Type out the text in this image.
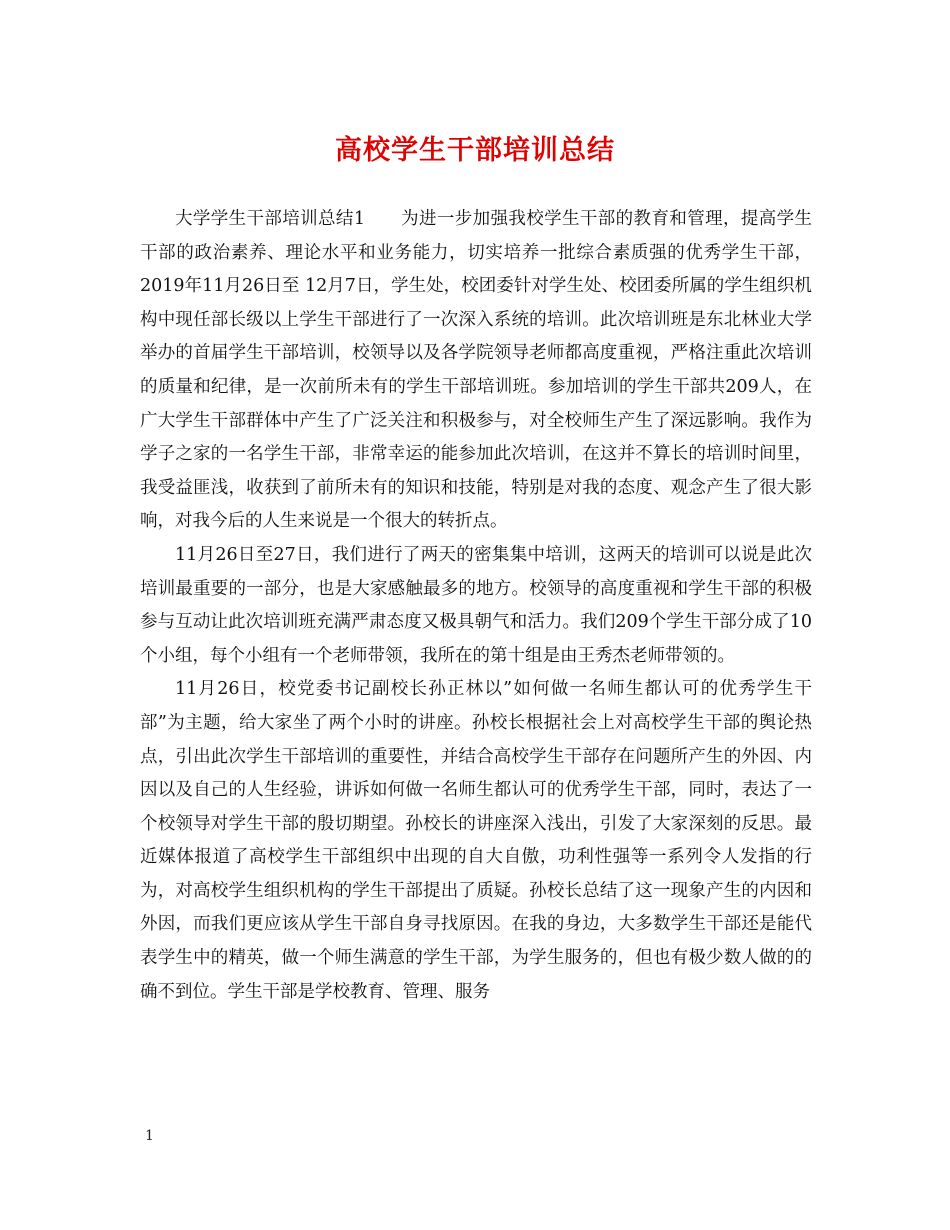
高校学生干部培训总结

大学学生干部培训总结1　　为进一步加强我校学生干部的教育和管理，提高学生干部的政治素养、理论水平和业务能力，切实培养一批综合素质强的优秀学生干部，2019年11月26日至 12月7日，学生处，校团委针对学生处、校团委所属的学生组织机构中现任部长级以上学生干部进行了一次深入系统的培训。此次培训班是东北林业大学举办的首届学生干部培训，校领导以及各学院领导老师都高度重视，严格注重此次培训的质量和纪律，是一次前所未有的学生干部培训班。参加培训的学生干部共209人，在广大学生干部群体中产生了广泛关注和积极参与，对全校师生产生了深远影响。我作为学子之家的一名学生干部，非常幸运的能参加此次培训，在这并不算长的培训时间里，我受益匪浅，收获到了前所未有的知识和技能，特别是对我的态度、观念产生了很大影响，对我今后的人生来说是一个很大的转折点。

11月26日至27日，我们进行了两天的密集集中培训，这两天的培训可以说是此次培训最重要的一部分，也是大家感触最多的地方。校领导的高度重视和学生干部的积极参与互动让此次培训班充满严肃态度又极具朝气和活力。我们209个学生干部分成了10个小组，每个小组有一个老师带领，我所在的第十组是由王秀杰老师带领的。

11月26日，校党委书记副校长孙正林以”如何做一名师生都认可的优秀学生干部”为主题，给大家坐了两个小时的讲座。孙校长根据社会上对高校学生干部的舆论热点，引出此次学生干部培训的重要性，并结合高校学生干部存在问题所产生的外因、内因以及自己的人生经验，讲诉如何做一名师生都认可的优秀学生干部，同时，表达了一个校领导对学生干部的殷切期望。孙校长的讲座深入浅出，引发了大家深刻的反思。最近媒体报道了高校学生干部组织中出现的自大自傲，功利性强等一系列令人发指的行为，对高校学生组织机构的学生干部提出了质疑。孙校长总结了这一现象产生的内因和外因，而我们更应该从学生干部自身寻找原因。在我的身边，大多数学生干部还是能代表学生中的精英，做一个师生满意的学生干部，为学生服务的，但也有极少数人做的的确不到位。学生干部是学校教育、管理、服务

1
